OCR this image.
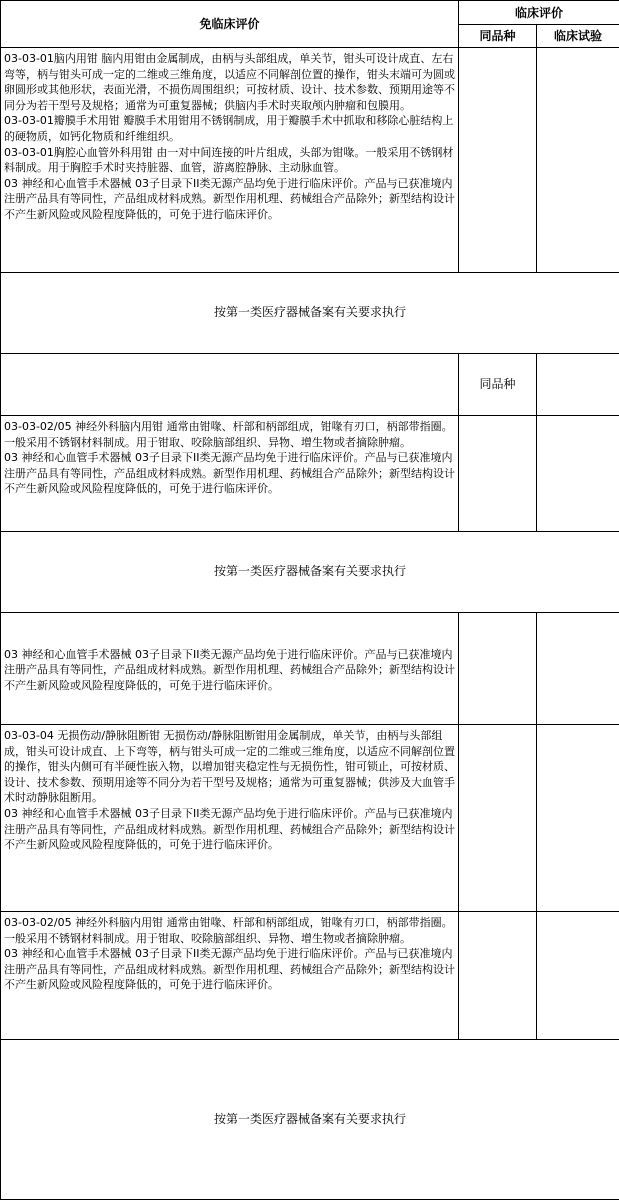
免临床评价	临床评价	
	同品种	临床试验

03-03-01脑内用钳 脑内用钳由金属制成，由柄与头部组成，单关节，钳头可设计成直、左右弯等，柄与钳头可成一定的二维或三维角度，以适应不同解剖位置的操作，钳头末端可为圆或卵圆形或其他形状，表面光滑，不损伤周围组织；可按材质、设计、技术参数、预期用途等不同分为若干型号及规格；通常为可重复器械；供脑内手术时夹取颅内肿瘤和包膜用。

03-03-01瓣膜手术用钳 瓣膜手术用钳用不锈钢制成，用于瓣膜手术中抓取和移除心脏结构上的硬物质，如钙化物质和纤维组织。

03-03-01胸腔心血管外科用钳 由一对中间连接的叶片组成，头部为钳喙。一般采用不锈钢材料制成。用于胸腔手术时夹持脏器、血管，游离腔静脉、主动脉血管。

03 神经和心血管手术器械 03子目录下II类无源产品均免于进行临床评价。产品与已获准境内注册产品具有等同性，产品组成材料成熟。新型作用机理、药械组合产品除外；新型结构设计不产生新风险或风险程度降低的，可免于进行临床评价。		

按第一类医疗器械备案有关要求执行		
	同品种	

03-03-02/05 神经外科脑内用钳 通常由钳喙、杆部和柄部组成，钳喙有刃口，柄部带指圈。一般采用不锈钢材料制成。用于钳取、咬除脑部组织、异物、增生物或者摘除肿瘤。

03 神经和心血管手术器械 03子目录下II类无源产品均免于进行临床评价。产品与已获准境内注册产品具有等同性，产品组成材料成熟。新型作用机理、药械组合产品除外；新型结构设计不产生新风险或风险程度降低的，可免于进行临床评价。		

按第一类医疗器械备案有关要求执行		

03 神经和心血管手术器械 03子目录下II类无源产品均免于进行临床评价。产品与已获准境内注册产品具有等同性，产品组成材料成熟。新型作用机理、药械组合产品除外；新型结构设计不产生新风险或风险程度降低的，可免于进行临床评价。		

03-03-04 无损伤动/静脉阻断钳 无损伤动/静脉阻断钳用金属制成，单关节，由柄与头部组成，钳头可设计成直、上下弯等，柄与钳头可成一定的二维或三维角度，以适应不同解剖位置的操作，钳头内侧可有半硬性嵌入物，以增加钳夹稳定性与无损伤性，钳可锁止，可按材质、设计、技术参数、预期用途等不同分为若干型号及规格；通常为可重复器械；供涉及大血管手术时动静脉阻断用。

03 神经和心血管手术器械 03子目录下II类无源产品均免于进行临床评价。产品与已获准境内注册产品具有等同性，产品组成材料成熟。新型作用机理、药械组合产品除外；新型结构设计不产生新风险或风险程度降低的，可免于进行临床评价。		

03-03-02/05 神经外科脑内用钳 通常由钳喙、杆部和柄部组成，钳喙有刃口，柄部带指圈。一般采用不锈钢材料制成。用于钳取、咬除脑部组织、异物、增生物或者摘除肿瘤。

03 神经和心血管手术器械 03子目录下II类无源产品均免于进行临床评价。产品与已获准境内注册产品具有等同性，产品组成材料成熟。新型作用机理、药械组合产品除外；新型结构设计不产生新风险或风险程度降低的，可免于进行临床评价。		

按第一类医疗器械备案有关要求执行		
